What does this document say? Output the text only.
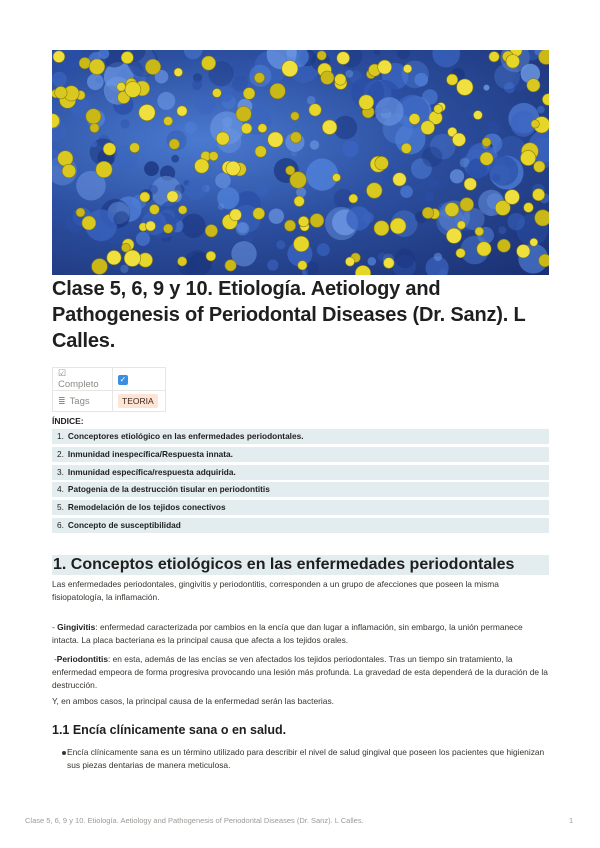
Clase 5, 6, 9 y 10. Etiología. Aetiology and Pathogenesis of Periodontal Diseases (Dr. Sanz). L Calles.
☑Completo	✓
≣ Tags	TEORIA
ÍNDICE:
1. Conceptores etiológico en las enfermedades periodontales.
2. Inmunidad inespecífica/Respuesta innata.
3. Inmunidad específica/respuesta adquirida.
4. Patogenia de la destrucción tisular en periodontitis
5. Remodelación de los tejidos conectivos
6. Concepto de susceptibilidad
1. Conceptos etiológicos en las enfermedades periodontales

Las enfermedades periodontales, gingivitis y periodontitis, corresponden a un grupo de afecciones que poseen la misma fisiopatología, la inflamación.

- Gingivitis: enfermedad caracterizada por cambios en la encía que dan lugar a inflamación, sin embargo, la unión permanece intacta. La placa bacteriana es la principal causa que afecta a los tejidos orales.

-Periodontitis: en esta, además de las encías se ven afectados los tejidos periodontales. Tras un tiempo sin tratamiento, la enfermedad empeora de forma progresiva provocando una lesión más profunda. La gravedad de esta dependerá de la duración de la destrucción.

Y, en ambos casos, la principal causa de la enfermedad serán las bacterias.

1.1 Encía clínicamente sana o en salud.
Encía clínicamente sana es un término utilizado para describir el nivel de salud gingival que poseen los pacientes que higienizan sus piezas dentarias de manera meticulosa.
Clase 5, 6, 9 y 10. Etiología. Aetiology and Pathogenesis of Periodontal Diseases (Dr. Sanz). L Calles.	1
